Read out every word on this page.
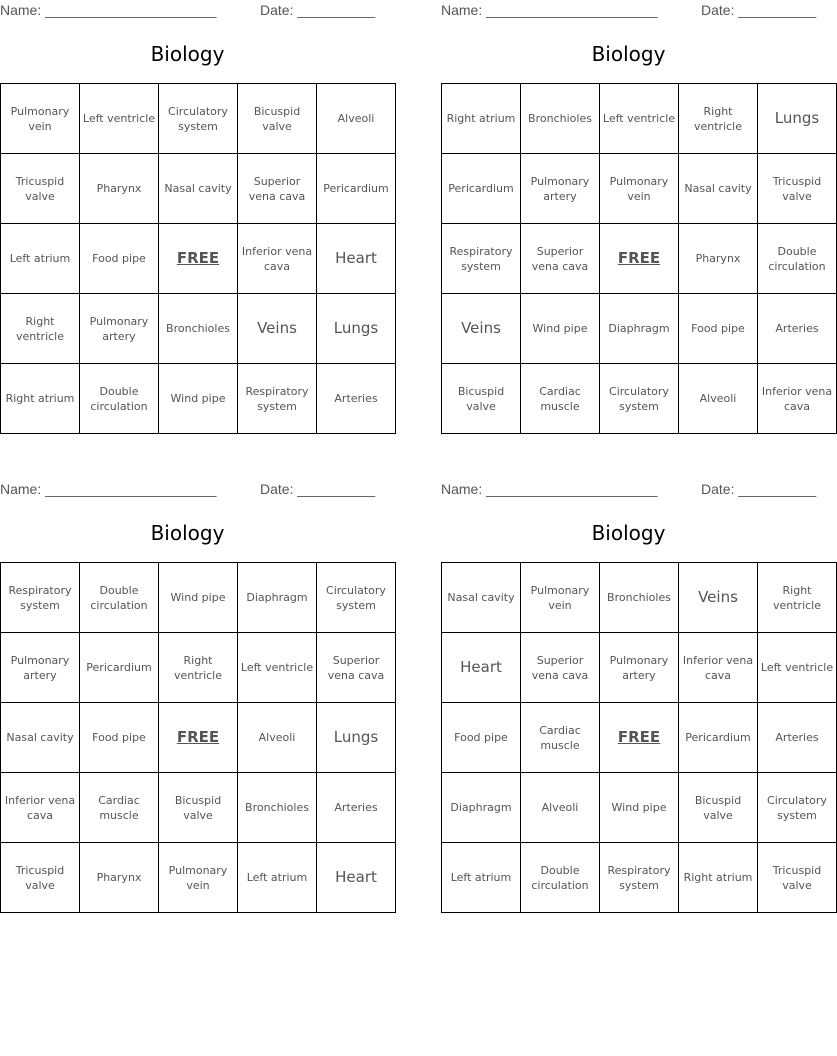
Name: ______________________	Date: __________
Biology
Pulmonary vein	Left ventricle	Circulatory system	Bicuspid valve	Alveoli
Tricuspid valve	Pharynx	Nasal cavity	Superior vena cava	Pericardium
Left atrium	Food pipe	FREE	Inferior vena cava	Heart
Right ventricle	Pulmonary artery	Bronchioles	Veins	Lungs
Right atrium	Double circulation	Wind pipe	Respiratory system	Arteries
Name: ______________________	Date: __________
Biology
Right atrium	Bronchioles	Left ventricle	Right ventricle	Lungs
Pericardium	Pulmonary artery	Pulmonary vein	Nasal cavity	Tricuspid valve
Respiratory system	Superior vena cava	FREE	Pharynx	Double circulation
Veins	Wind pipe	Diaphragm	Food pipe	Arteries
Bicuspid valve	Cardiac muscle	Circulatory system	Alveoli	Inferior vena cava
Name: ______________________	Date: __________
Biology
Respiratory system	Double circulation	Wind pipe	Diaphragm	Circulatory system
Pulmonary artery	Pericardium	Right ventricle	Left ventricle	Superior vena cava
Nasal cavity	Food pipe	FREE	Alveoli	Lungs
Inferior vena cava	Cardiac muscle	Bicuspid valve	Bronchioles	Arteries
Tricuspid valve	Pharynx	Pulmonary vein	Left atrium	Heart
Name: ______________________	Date: __________
Biology
Nasal cavity	Pulmonary vein	Bronchioles	Veins	Right ventricle
Heart	Superior vena cava	Pulmonary artery	Inferior vena cava	Left ventricle
Food pipe	Cardiac muscle	FREE	Pericardium	Arteries
Diaphragm	Alveoli	Wind pipe	Bicuspid valve	Circulatory system
Left atrium	Double circulation	Respiratory system	Right atrium	Tricuspid valve
